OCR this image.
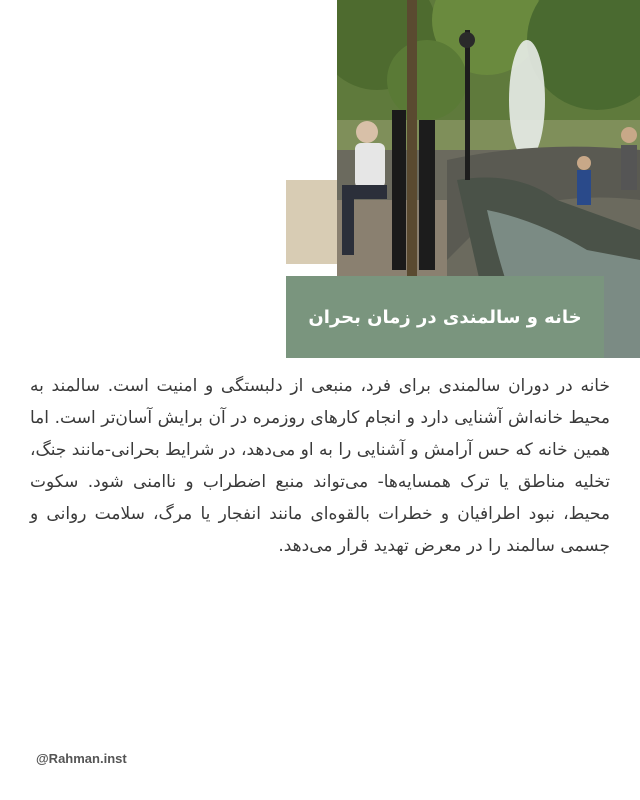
خانه و سالمندی در زمان بحران
خانه در دوران سالمندی برای فرد، منبعی از دلبستگی و امنیت است. سالمند به محیط خانه‌اش آشنایی دارد و انجام کارهای روزمره در آن برایش آسان‌تر است. اما همین خانه که حس آرامش و آشنایی را به او می‌دهد، در شرایط بحرانی-مانند جنگ، تخلیه مناطق یا ترک همسایه‌ها- می‌تواند منبع اضطراب و ناامنی شود. سکوت محیط، نبود اطرافیان و خطرات بالقوه‌ای مانند انفجار یا مرگ، سلامت روانی و جسمی سالمند را در معرض تهدید قرار می‌دهد.
@Rahman.inst
